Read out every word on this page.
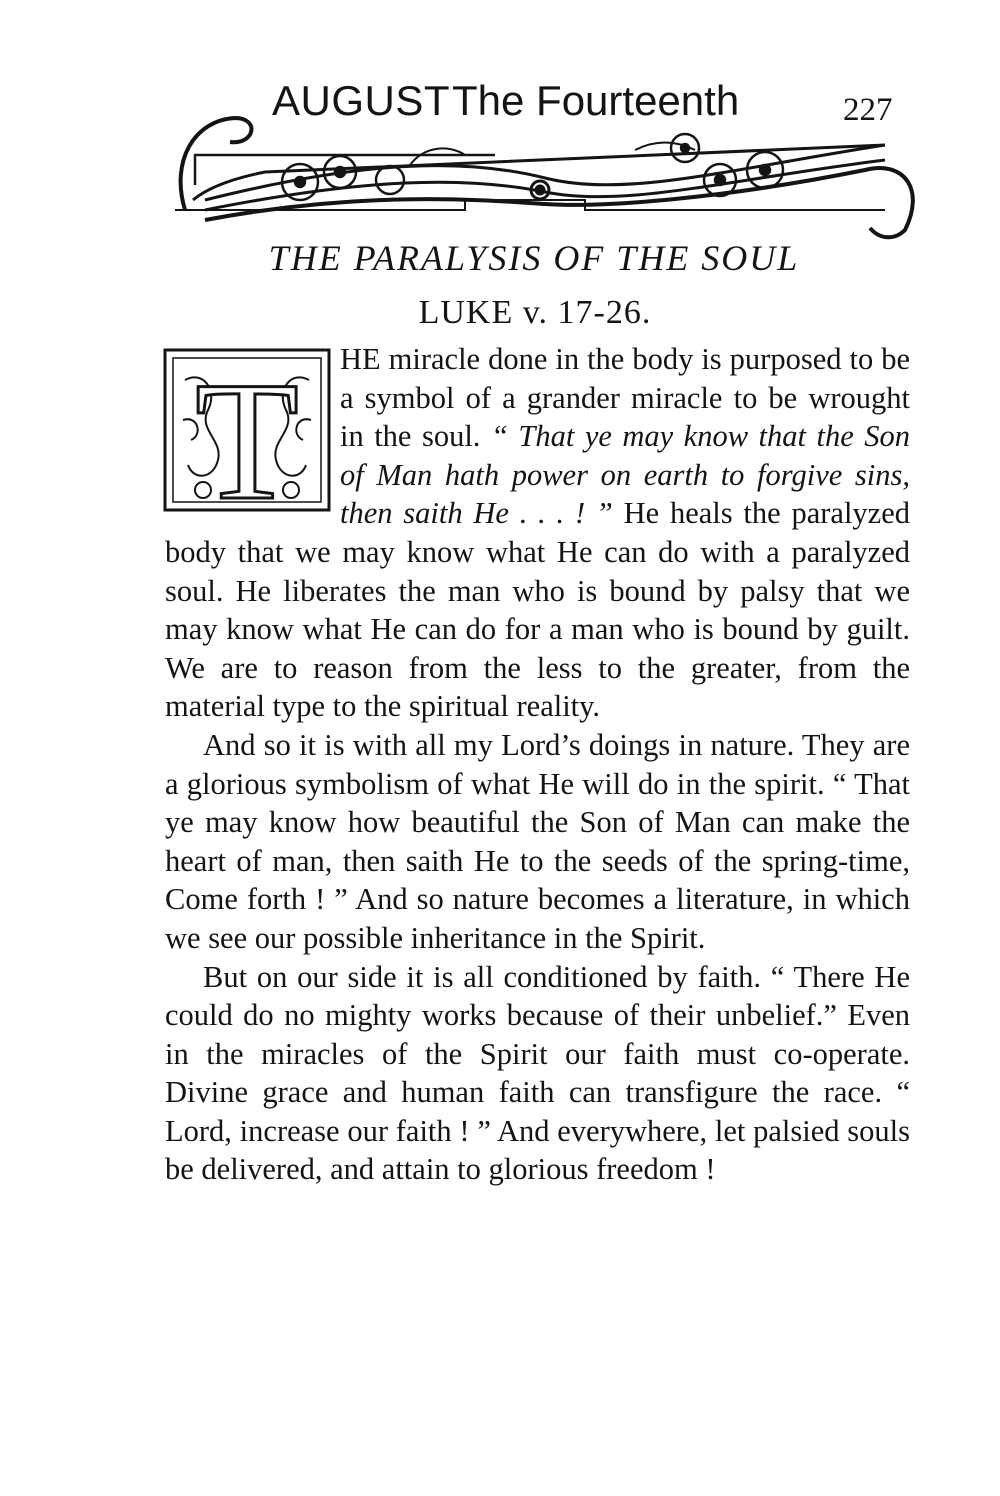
AUGUST The Fourteenth	227
THE PARALYSIS OF THE SOUL
LUKE v. 17-26.
T	HE miracle done in the body is purposed to be a symbol of a grander miracle to be wrought in the soul. “ That ye may know that the Son of Man hath power on earth to forgive sins, then saith He . . . ! ” He heals the paralyzed body that we may know what He can do with a paralyzed soul. He liberates the man who is bound by palsy that we may know what He can do for a man who is bound by guilt. We are to reason from the less to the greater, from the material type to the spiritual reality.

And so it is with all my Lord’s doings in nature. They are a glorious symbolism of what He will do in the spirit. “ That ye may know how beautiful the Son of Man can make the heart of man, then saith He to the seeds of the spring-time, Come forth ! ” And so nature becomes a literature, in which we see our possible inheritance in the Spirit.

But on our side it is all conditioned by faith. “ There He could do no mighty works because of their unbelief.” Even in the miracles of the Spirit our faith must co-operate. Divine grace and human faith can transfigure the race. “ Lord, increase our faith ! ” And everywhere, let palsied souls be delivered, and attain to glorious freedom !
